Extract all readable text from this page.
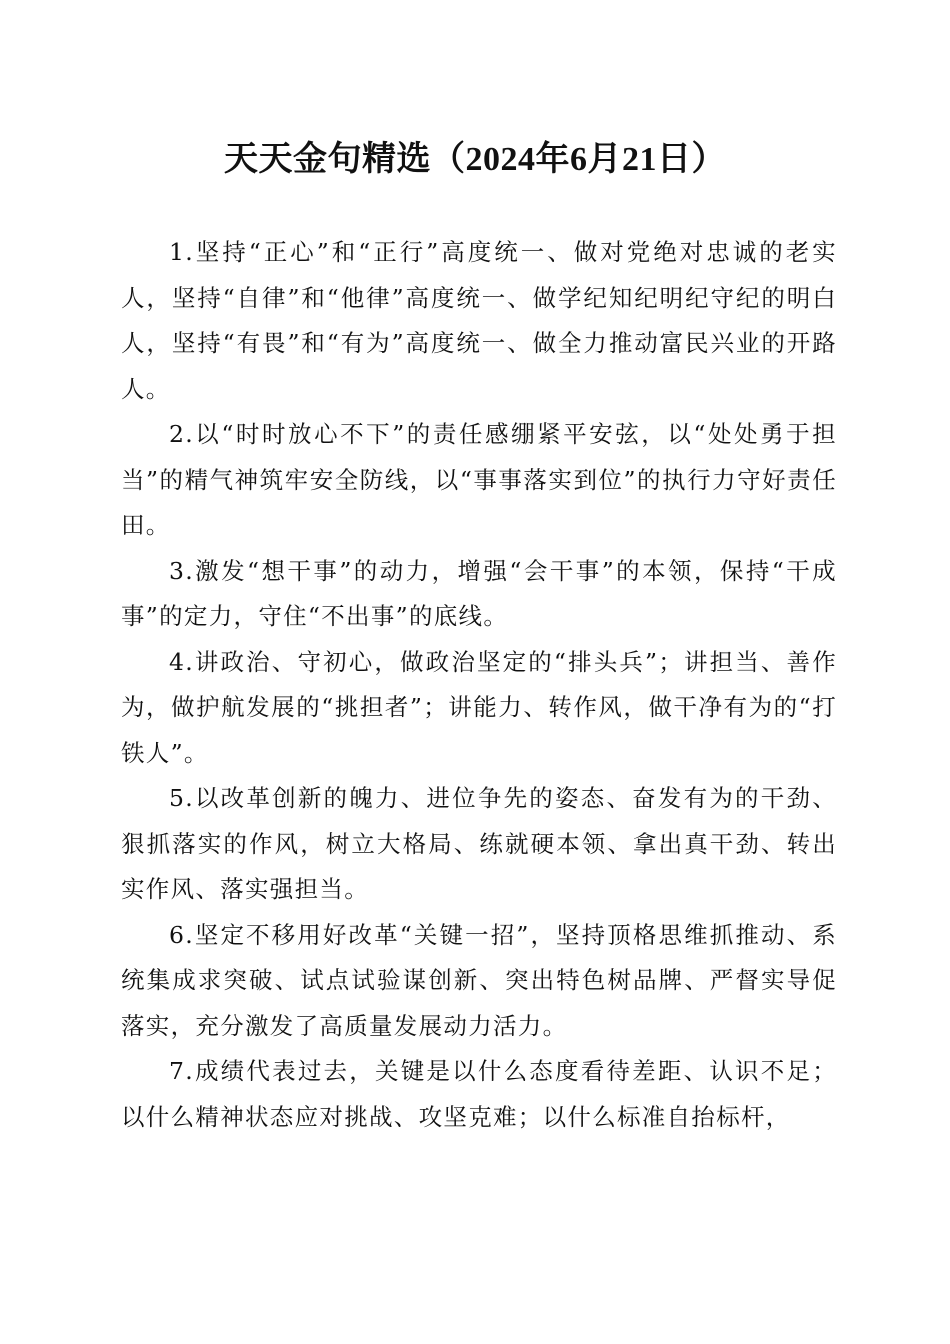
天天金句精选（2024年6月21日）

1.坚持“正心”和“正行”高度统一、做对党绝对忠诚的老实人，坚持“自律”和“他律”高度统一、做学纪知纪明纪守纪的明白人，坚持“有畏”和“有为”高度统一、做全力推动富民兴业的开路人。

2.以“时时放心不下”的责任感绷紧平安弦，以“处处勇于担当”的精气神筑牢安全防线，以“事事落实到位”的执行力守好责任田。

3.激发“想干事”的动力，增强“会干事”的本领，保持“干成事”的定力，守住“不出事”的底线。

4.讲政治、守初心，做政治坚定的“排头兵”；讲担当、善作为，做护航发展的“挑担者”；讲能力、转作风，做干净有为的“打铁人”。

5.以改革创新的魄力、进位争先的姿态、奋发有为的干劲、狠抓落实的作风，树立大格局、练就硬本领、拿出真干劲、转出实作风、落实强担当。

6.坚定不移用好改革“关键一招”，坚持顶格思维抓推动、系统集成求突破、试点试验谋创新、突出特色树品牌、严督实导促落实，充分激发了高质量发展动力活力。

7.成绩代表过去，关键是以什么态度看待差距、认识不足；以什么精神状态应对挑战、攻坚克难；以什么标准自抬标杆，
